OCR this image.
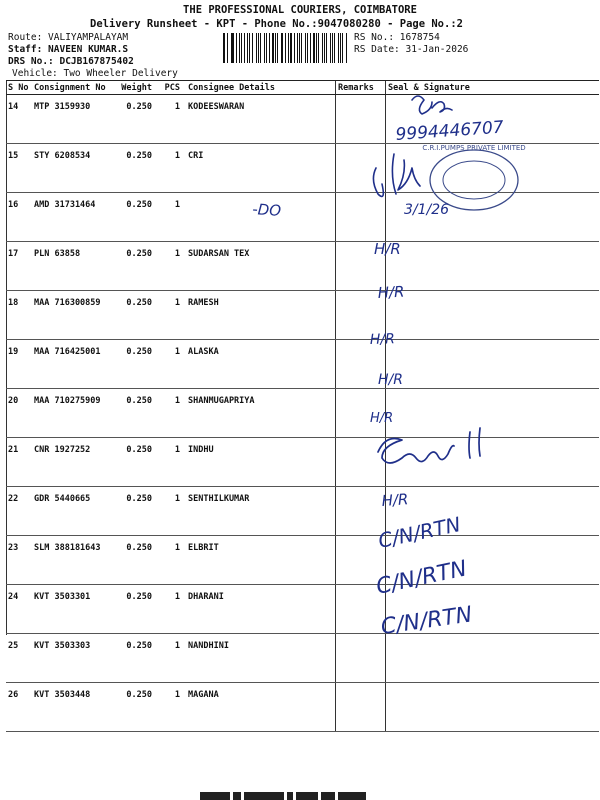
THE PROFESSIONAL COURIERS, COIMBATORE
Delivery Runsheet - KPT - Phone No.:9047080280 - Page No.:2
Route: VALIYAMPALAYAM
Staff: NAVEEN KUMAR.S
DRS No.: DCJB167875402
Vehicle: Two Wheeler Delivery
RS No.: 1678754
RS Date: 31-Jan-2026
S No	Consignment No	Weight	PCS	Consignee Details	Remarks	Seal & Signature
14	MTP 3159930	0.250	1	KODEESWARAN		
15	STY 6208534	0.250	1	CRI		
16	AMD 31731464	0.250	1			
17	PLN 63858	0.250	1	SUDARSAN TEX		
18	MAA 716300859	0.250	1	RAMESH		
19	MAA 716425001	0.250	1	ALASKA		
20	MAA 710275909	0.250	1	SHANMUGAPRIYA		
21	CNR 1927252	0.250	1	INDHU		
22	GDR 5440665	0.250	1	SENTHILKUMAR		
23	SLM 388181643	0.250	1	ELBRIT		
24	KVT 3503301	0.250	1	DHARANI		
25	KVT 3503303	0.250	1	NANDHINI		
26	KVT 3503448	0.250	1	MAGANA		
C.R.I.PUMPS PRIVATE LIMITED
9994446707
-DO	3/1/26
H/R
H/R
H/R
H/R
H/R
H/R
C/N/RTN
C/N/RTN
C/N/RTN
